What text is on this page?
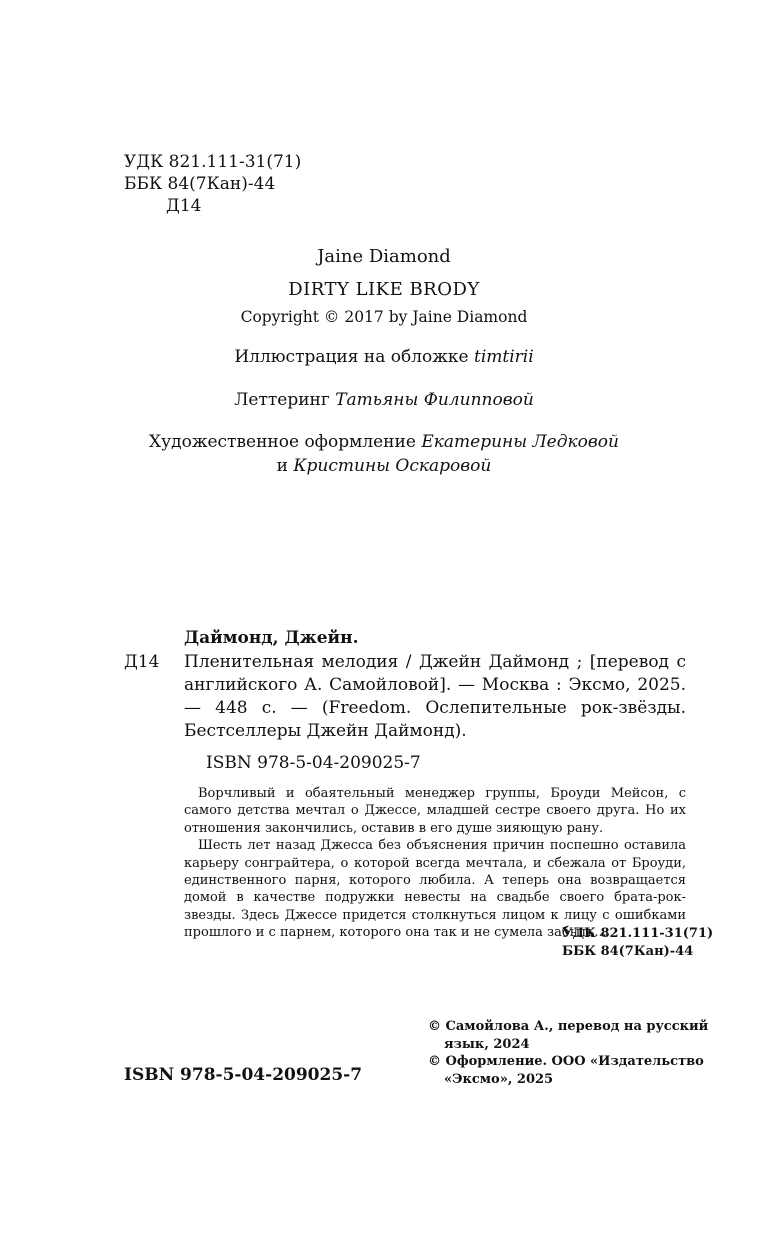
УДК 821.111-31(71)
ББК 84(7Кан)-44
Д14
Jaine Diamond
DIRTY LIKE BRODY
Copyright © 2017 by Jaine Diamond
Иллюстрация на обложке timtirii
Леттеринг Татьяны Филипповой
Художественное оформление Екатерины Ледковой
и Кристины Оскаровой
Даймонд, Джейн.
Д14 Пленительная мелодия / Джейн Даймонд ; [перевод с английского А. Самойловой]. — Москва : Эксмо, 2025. — 448 с. — (Freedom. Ослепительные рок-звёзды. Бестселлеры Джейн Даймонд).
ISBN 978-5-04-209025-7

Ворчливый и обаятельный менеджер группы, Броуди Мейсон, с самого детства мечтал о Джессе, младшей сестре своего друга. Но их отношения закончились, оставив в его душе зияющую рану.

Шесть лет назад Джесса без объяснения причин поспешно оставила карьеру сонграйтера, о которой всегда мечтала, и сбежала от Броуди, единственного парня, которого любила. А теперь она возвращается домой в качестве подружки невесты на свадьбе своего брата-рок-звезды. Здесь Джессе придется столкнуться лицом к лицу с ошибками прошлого и с парнем, которого она так и не сумела забыть...

УДК 821.111-31(71)
ББК 84(7Кан)-44
ISBN 978-5-04-209025-7
© Самойлова А., перевод на русский язык, 2024
© Оформление. ООО «Издательство «Эксмо», 2025
